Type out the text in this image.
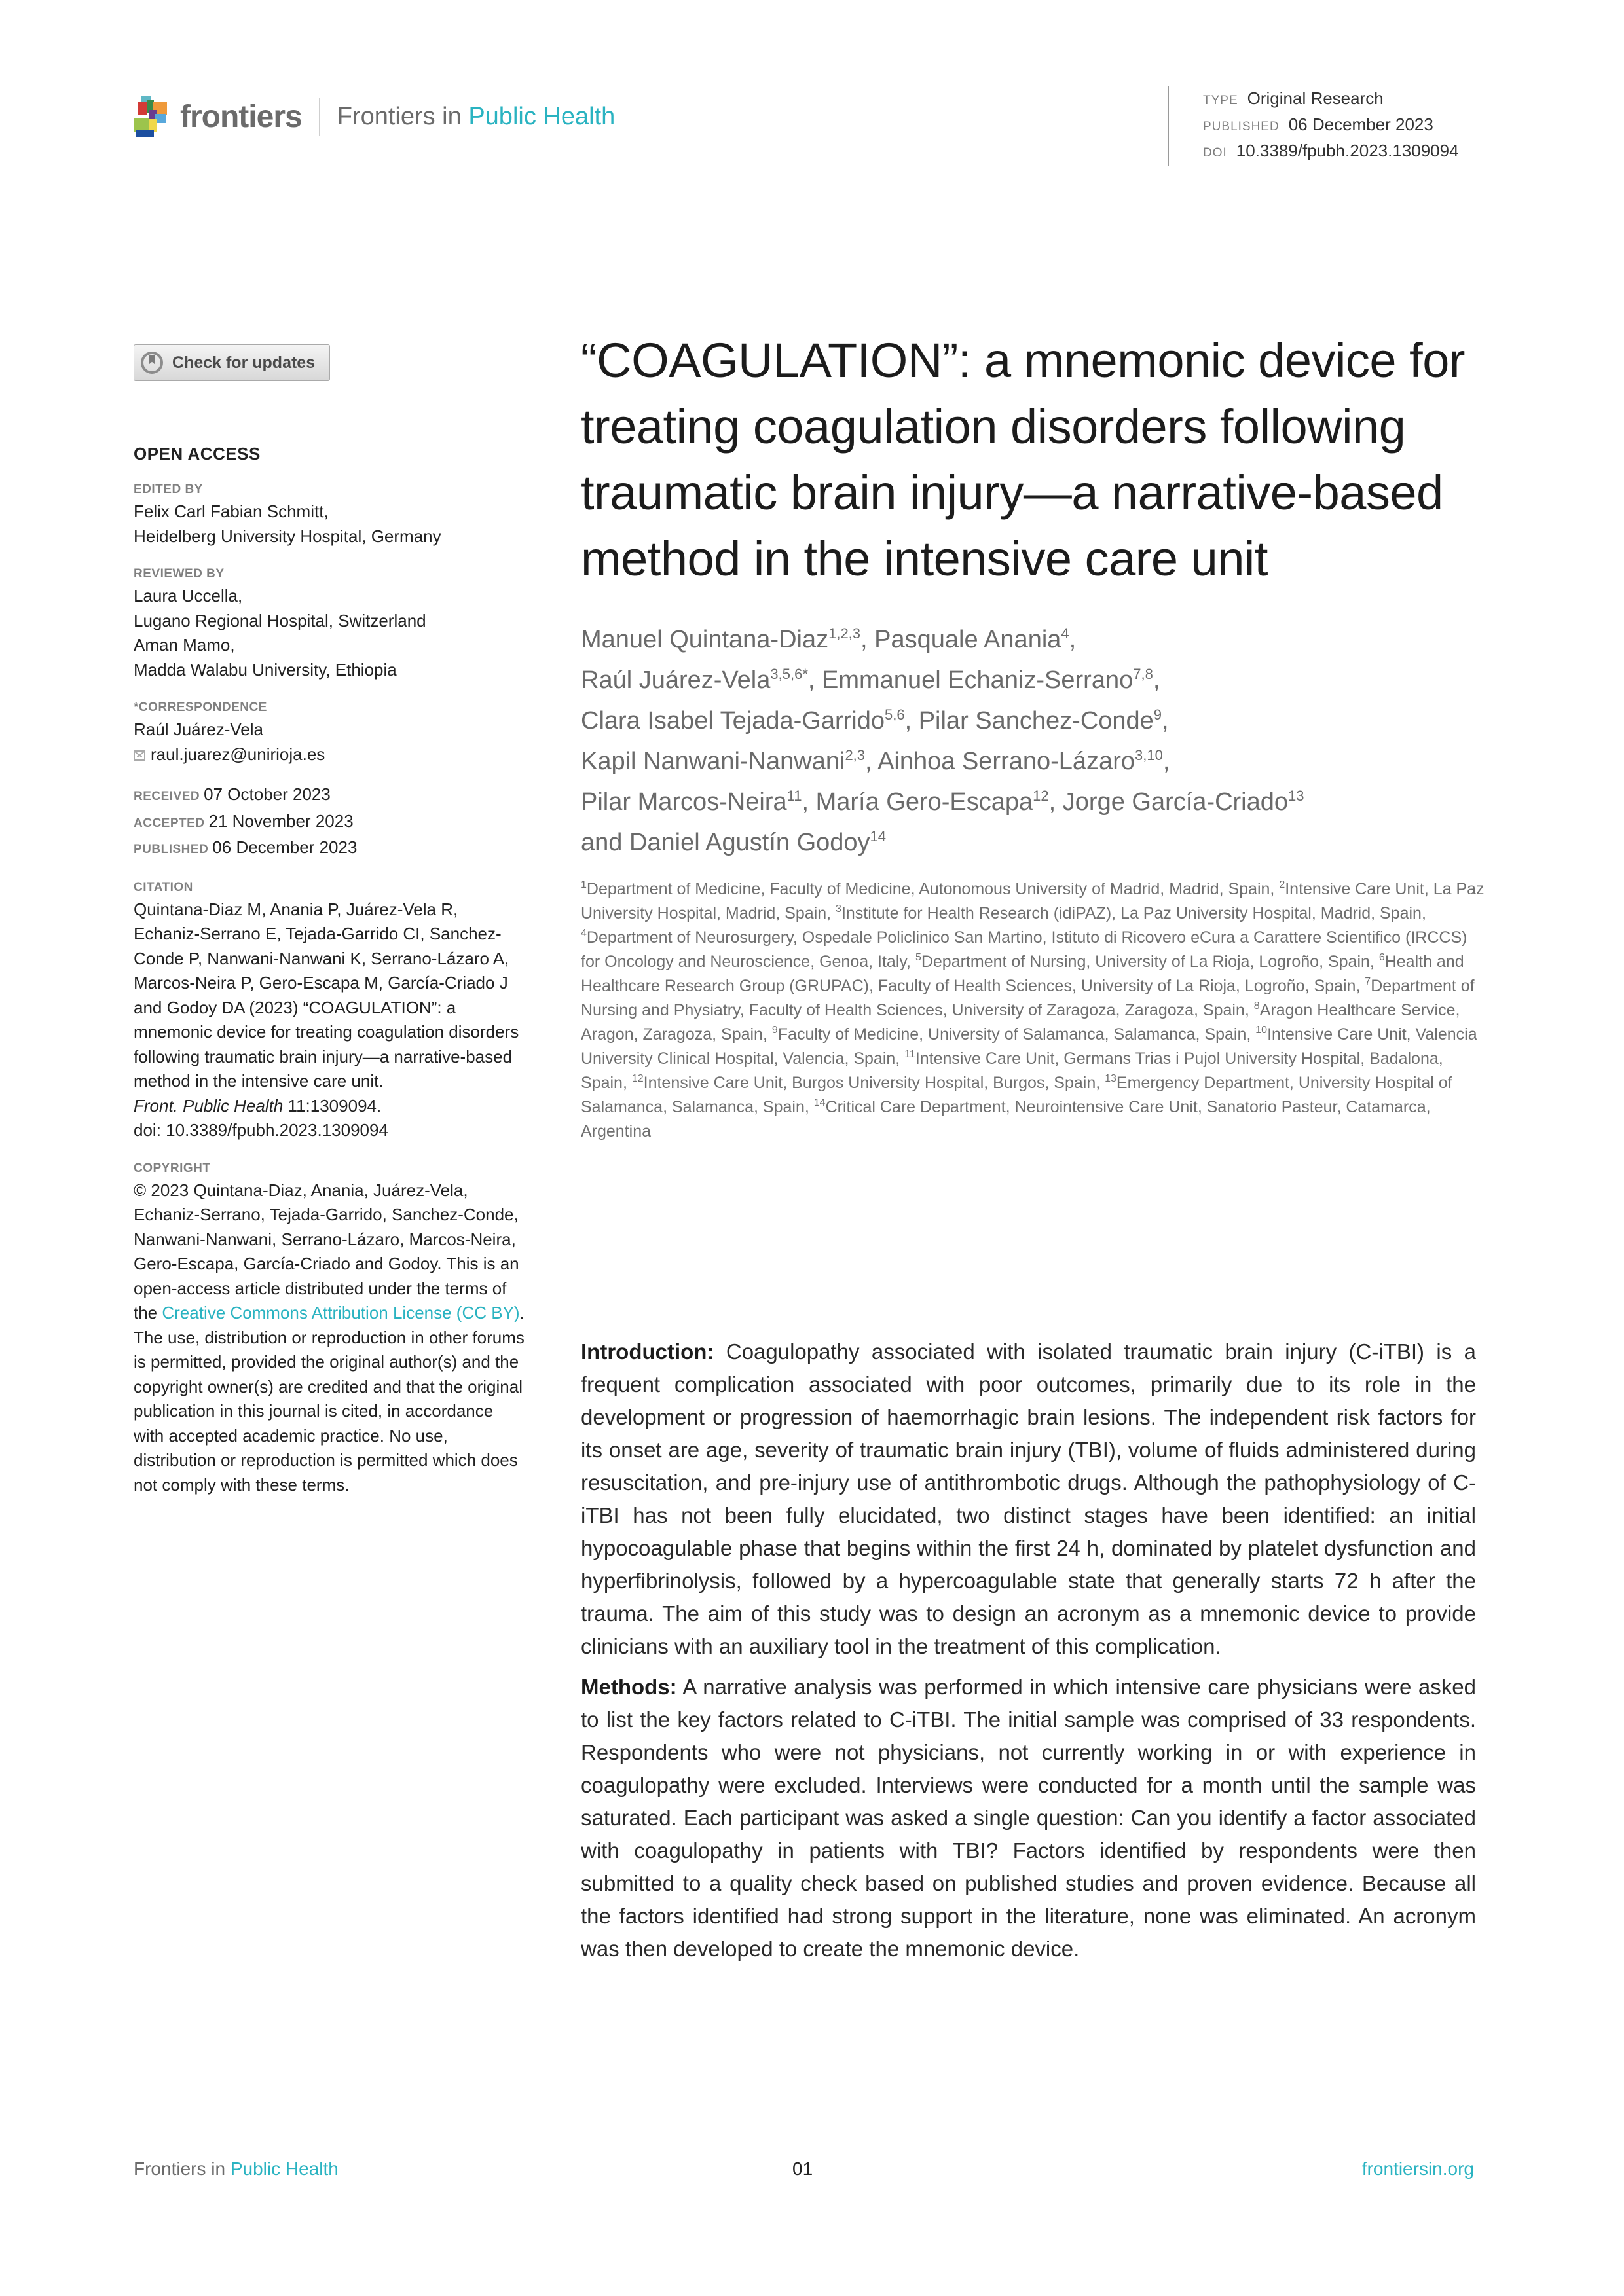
frontiers Frontiers in Public Health
TYPE Original Research
PUBLISHED 06 December 2023
DOI 10.3389/fpubh.2023.1309094
Check for updates
OPEN ACCESS
EDITED BY
Felix Carl Fabian Schmitt,
Heidelberg University Hospital, Germany
REVIEWED BY
Laura Uccella,
Lugano Regional Hospital, Switzerland
Aman Mamo,
Madda Walabu University, Ethiopia
*CORRESPONDENCE
Raúl Juárez-Vela
raul.juarez@unirioja.es
RECEIVED 07 October 2023
ACCEPTED 21 November 2023
PUBLISHED 06 December 2023
CITATION
Quintana-Diaz M, Anania P, Juárez-Vela R, Echaniz-Serrano E, Tejada-Garrido CI, Sanchez-Conde P, Nanwani-Nanwani K, Serrano-Lázaro A, Marcos-Neira P, Gero-Escapa M, García-Criado J and Godoy DA (2023) “COAGULATION”: a mnemonic device for treating coagulation disorders following traumatic brain injury—a narrative-based method in the intensive care unit.
Front. Public Health 11:1309094.
doi: 10.3389/fpubh.2023.1309094
COPYRIGHT
© 2023 Quintana-Diaz, Anania, Juárez-Vela, Echaniz-Serrano, Tejada-Garrido, Sanchez-Conde, Nanwani-Nanwani, Serrano-Lázaro, Marcos-Neira, Gero-Escapa, García-Criado and Godoy. This is an open-access article distributed under the terms of the Creative Commons Attribution License (CC BY). The use, distribution or reproduction in other forums is permitted, provided the original author(s) and the copyright owner(s) are credited and that the original publication in this journal is cited, in accordance with accepted academic practice. No use, distribution or reproduction is permitted which does not comply with these terms.
“COAGULATION”: a mnemonic device for treating coagulation disorders following traumatic brain injury—a narrative-based method in the intensive care unit
Manuel Quintana-Diaz$^{1,2,3}$, Pasquale Anania$^4$,
Raúl Juárez-Vela$^{3,5,6*}$, Emmanuel Echaniz-Serrano$^{7,8}$,
Clara Isabel Tejada-Garrido$^{5,6}$, Pilar Sanchez-Conde$^9$,
Kapil Nanwani-Nanwani$^{2,3}$, Ainhoa Serrano-Lázaro$^{3,10}$,
Pilar Marcos-Neira$^{11}$, María Gero-Escapa$^{12}$, Jorge García-Criado$^{13}$
and Daniel Agustín Godoy$^{14}$
$^1$Department of Medicine, Faculty of Medicine, Autonomous University of Madrid, Madrid, Spain, $^2$Intensive Care Unit, La Paz University Hospital, Madrid, Spain, $^3$Institute for Health Research (idiPAZ), La Paz University Hospital, Madrid, Spain, $^4$Department of Neurosurgery, Ospedale Policlinico San Martino, Istituto di Ricovero eCura a Carattere Scientifico (IRCCS) for Oncology and Neuroscience, Genoa, Italy, $^5$Department of Nursing, University of La Rioja, Logroño, Spain, $^6$Health and Healthcare Research Group (GRUPAC), Faculty of Health Sciences, University of La Rioja, Logroño, Spain, $^7$Department of Nursing and Physiatry, Faculty of Health Sciences, University of Zaragoza, Zaragoza, Spain, $^8$Aragon Healthcare Service, Aragon, Zaragoza, Spain, $^9$Faculty of Medicine, University of Salamanca, Salamanca, Spain, $^{10}$Intensive Care Unit, Valencia University Clinical Hospital, Valencia, Spain, $^{11}$Intensive Care Unit, Germans Trias i Pujol University Hospital, Badalona, Spain, $^{12}$Intensive Care Unit, Burgos University Hospital, Burgos, Spain, $^{13}$Emergency Department, University Hospital of Salamanca, Salamanca, Spain, $^{14}$Critical Care Department, Neurointensive Care Unit, Sanatorio Pasteur, Catamarca, Argentina

Introduction: Coagulopathy associated with isolated traumatic brain injury (C-iTBI) is a frequent complication associated with poor outcomes, primarily due to its role in the development or progression of haemorrhagic brain lesions. The independent risk factors for its onset are age, severity of traumatic brain injury (TBI), volume of fluids administered during resuscitation, and pre-injury use of antithrombotic drugs. Although the pathophysiology of C-iTBI has not been fully elucidated, two distinct stages have been identified: an initial hypocoagulable phase that begins within the first 24 h, dominated by platelet dysfunction and hyperfibrinolysis, followed by a hypercoagulable state that generally starts 72 h after the trauma. The aim of this study was to design an acronym as a mnemonic device to provide clinicians with an auxiliary tool in the treatment of this complication.

Methods: A narrative analysis was performed in which intensive care physicians were asked to list the key factors related to C-iTBI. The initial sample was comprised of 33 respondents. Respondents who were not physicians, not currently working in or with experience in coagulopathy were excluded. Interviews were conducted for a month until the sample was saturated. Each participant was asked a single question: Can you identify a factor associated with coagulopathy in patients with TBI? Factors identified by respondents were then submitted to a quality check based on published studies and proven evidence. Because all the factors identified had strong support in the literature, none was eliminated. An acronym was then developed to create the mnemonic device.

Frontiers in Public Health	01	frontiersin.org
